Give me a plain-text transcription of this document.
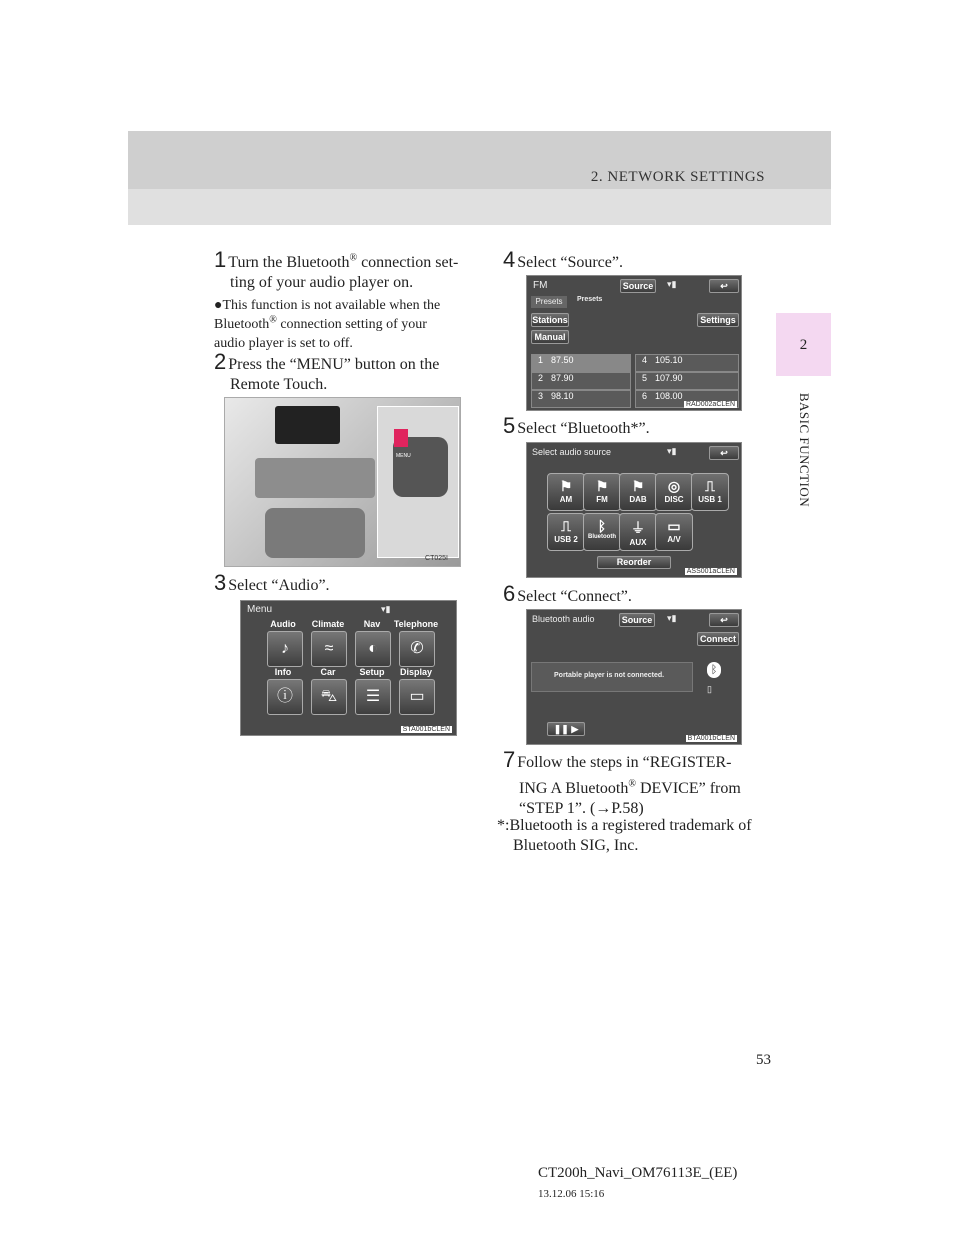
2. NETWORK SETTINGS
2
BASIC FUNCTION
1 Turn the Bluetooth® connection set-
ting of your audio player on.
●This function is not available when the
Bluetooth® connection setting of your
audio player is set to off.
2 Press the “MENU” button on the
Remote Touch.
MENU
CT025I
3 Select “Audio”.
Menu	▾▮
Audio	Climate	Nav	Telephone
♪	≈	◐	✆
Info	Car	Setup	Display
ⓘ	⛍	☰	▭
STA001bCLEN
4 Select “Source”.
FM	Source	▾▮	↩
Presets	Presets
Stations
Manual
Settings
1 87.50	4 105.10
2 87.90	5 107.90
3 98.10	6 108.00
RAD002aCLEN
5 Select “Bluetooth*”.
Select audio source	▾▮	↩
⚑
AM
⚑
FM
⚑
DAB
◎
DISC
⎍
USB 1
⎍
USB 2
ᛒ
Bluetooth
⏚
AUX
▭
A/V
Reorder
ASS001aCLEN
6 Select “Connect”.
Bluetooth audio	Source	▾▮	↩
Connect
Portable player is not connected.	ᛒ
▯
❚❚ ▶
BTA001bCLEN
7 Follow the steps in “REGISTER-
ING A Bluetooth® DEVICE” from
“STEP 1”. (→P.58)
*:Bluetooth is a registered trademark of
Bluetooth SIG, Inc.
53
CT200h_Navi_OM76113E_(EE)
13.12.06 15:16
